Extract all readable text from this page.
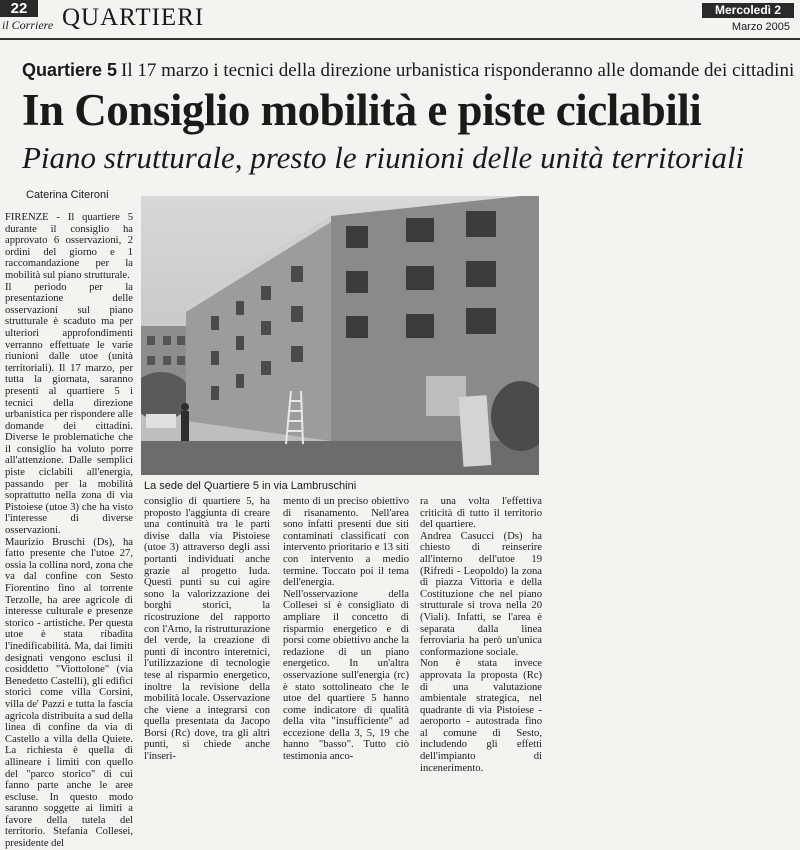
22
il Corriere QUARTIERI	Mercoledì 2
Marzo 2005
Quartiere 5 Il 17 marzo i tecnici della direzione urbanistica risponderanno alle domande dei cittadini
In Consiglio mobilità e piste ciclabili
Piano strutturale, presto le riunioni delle unità territoriali
Caterina Citeroni
La sede del Quartiere 5 in via Lambruschini

FIRENZE - Il quartiere 5 durante il consiglio ha approvato 6 osservazioni, 2 ordini del giorno e 1 raccomandazione per la mobilità sul piano strutturale.

Il periodo per la presentazione delle osservazioni sul piano strutturale è scaduto ma per ulteriori approfondimenti verranno effettuate le varie riunioni dalle utoe (unità territoriali). Il 17 marzo, per tutta la giornata, saranno presenti al quartiere 5 i tecnici della direzione urbanistica per rispondere alle domande dei cittadini. Diverse le problematiche che il consiglio ha voluto porre all'attenzione. Dalle semplici piste ciclabili all'energia, passando per la mobilità soprattutto nella zona di via Pistoiese (utoe 3) che ha visto l'interesse di diverse osservazioni.

Maurizio Bruschi (Ds), ha fatto presente che l'utoe 27, ossia la collina nord, zona che va dal confine con Sesto Fiorentino fino al torrente Terzolle, ha aree agricole di interesse culturale e presenze storico - artistiche. Per questa utoe è stata ribadita l'inedificabilità. Ma, dai limiti designati vengono esclusi il cosiddetto "Viottolone" (via Benedetto Castelli), gli edifici storici come villa Corsini, villa de' Pazzi e tutta la fascia agricola distribuita a sud della linea di confine da via di Castello a villa della Quiete. La richiesta è quella di allineare i limiti con quello del "parco storico" di cui fanno parte anche le aree escluse. In questo modo saranno soggette ai limiti a favore della tutela del territorio. Stefania Collesei, presidente del

consiglio di quartiere 5, ha proposto l'aggiunta di creare una continuità tra le parti divise dalla via Pistoiese (utoe 3) attraverso degli assi portanti individuati anche grazie al progetto Iuda. Questi punti su cui agire sono la valorizzazione dei borghi storici, la ricostruzione del rapporto con l'Arno, la ristrutturazione del verde, la creazione di punti di incontro interetnici, l'utilizzazione di tecnologie tese al risparmio energetico, inoltre la revisione della mobilità locale. Osservazione che viene a integrarsi con quella presentata da Jacopo Borsi (Rc) dove, tra gli altri punti, si chiede anche l'inseri-

mento di un preciso obiettivo di risanamento. Nell'area sono infatti presenti due siti contaminati classificati con intervento prioritario e 13 siti con intervento a medio termine. Toccato poi il tema dell'energia. Nell'osservazione della Collesei si è consigliato di ampliare il concetto di risparmio energetico e di porsi come obiettivo anche la redazione di un piano energetico. In un'altra osservazione sull'energia (rc) è stato sottolineato che le utoe del quartiere 5 hanno come indicatore di qualità della vita "insufficiente" ad eccezione della 3, 5, 19 che hanno "basso". Tutto ciò testimonia anco-

ra una volta l'effettiva criticità di tutto il territorio del quartiere.

Andrea Casucci (Ds) ha chiesto di reinserire all'interno dell'utoe 19 (Rifredi - Leopoldo) la zona di piazza Vittoria e della Costituzione che nel piano strutturale si trova nella 20 (Viali). Infatti, se l'area è separata dalla linea ferroviaria ha però un'unica conformazione sociale.

Non è stata invece approvata la proposta (Rc) di una valutazione ambientale strategica, nel quadrante di via Pistoiese - aeroporto - autostrada fino al comune di Sesto, includendo gli effetti dell'impianto di incenerimento.
